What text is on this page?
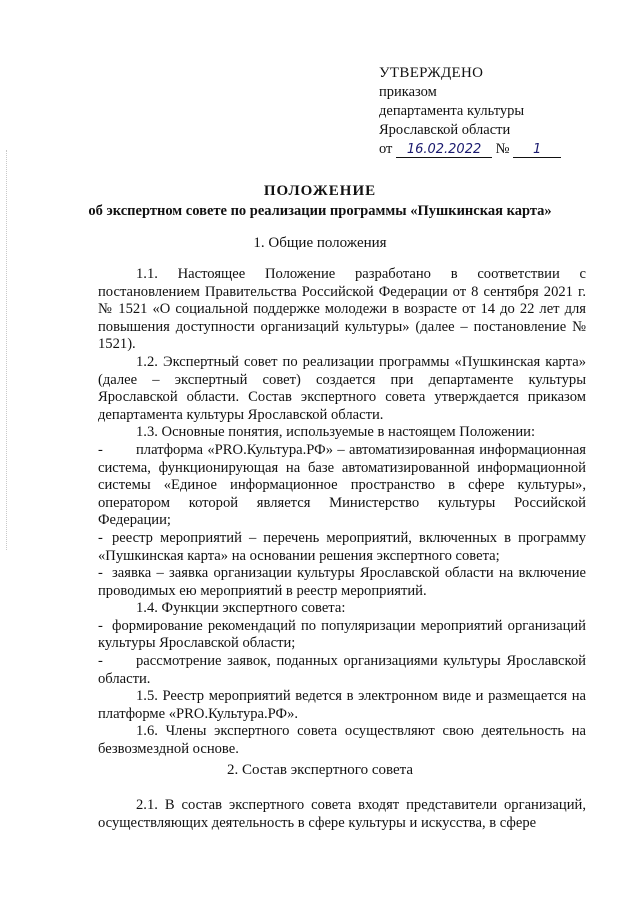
УТВЕРЖДЕНО
приказом
департамента культуры
Ярославской области
от 16.02.2022 № 1
ПОЛОЖЕНИЕ
об экспертном совете по реализации программы «Пушкинская карта»
1. Общие положения

1.1. Настоящее Положение разработано в соответствии с постановлением Правительства Российской Федерации от 8 сентября 2021 г. № 1521 «О социальной поддержке молодежи в возрасте от 14 до 22 лет для повышения доступности организаций культуры» (далее – постановление № 1521).

1.2. Экспертный совет по реализации программы «Пушкинская карта» (далее – экспертный совет) создается при департаменте культуры Ярославской области. Состав экспертного совета утверждается приказом департамента культуры Ярославской области.

1.3. Основные понятия, используемые в настоящем Положении:

- платформа «PRO.Культура.РФ» – автоматизированная информационная система, функционирующая на базе автоматизированной информационной системы «Единое информационное пространство в сфере культуры», оператором которой является Министерство культуры Российской Федерации;

- реестр мероприятий – перечень мероприятий, включенных в программу «Пушкинская карта» на основании решения экспертного совета;

- заявка – заявка организации культуры Ярославской области на включение проводимых ею мероприятий в реестр мероприятий.

1.4. Функции экспертного совета:

- формирование рекомендаций по популяризации мероприятий организаций культуры Ярославской области;

- рассмотрение заявок, поданных организациями культуры Ярославской области.

1.5. Реестр мероприятий ведется в электронном виде и размещается на платформе «PRO.Культура.РФ».

1.6. Члены экспертного совета осуществляют свою деятельность на безвозмездной основе.

2. Состав экспертного совета

2.1. В состав экспертного совета входят представители организаций, осуществляющих деятельность в сфере культуры и искусства, в сфере
